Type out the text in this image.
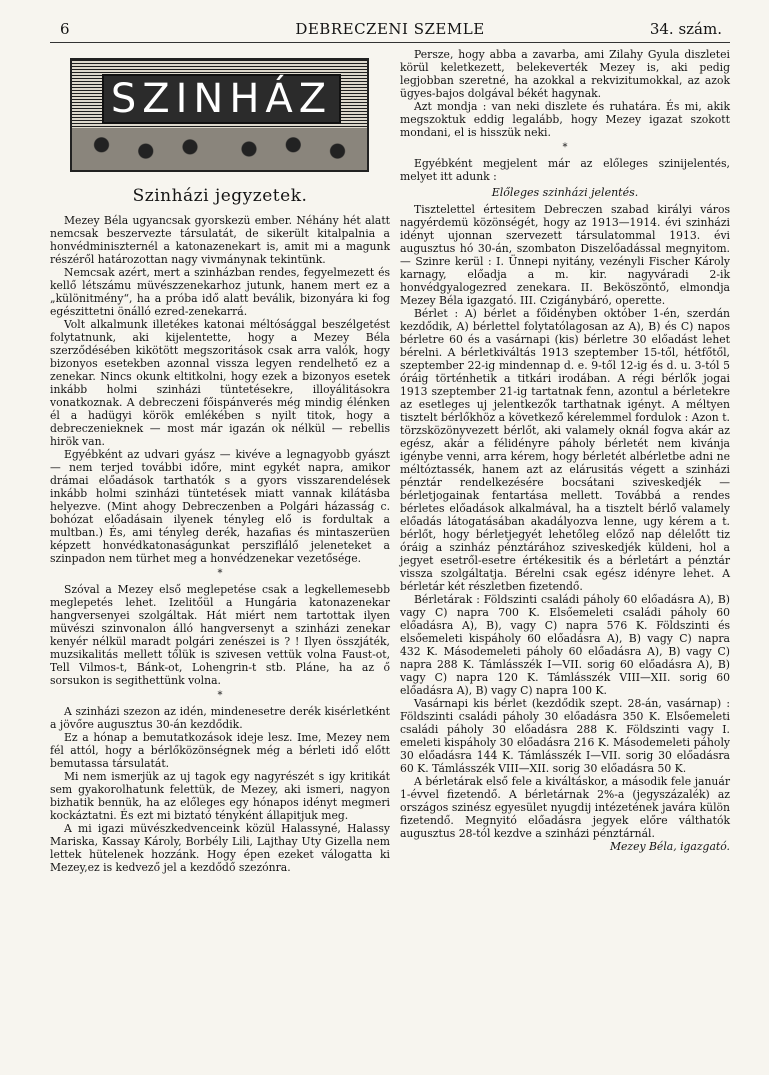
6	DEBRECZENI SZEMLE	34. szám.
SZINHÁZ
Szinházi jegyzetek.

Mezey Béla ugyancsak gyorskezü ember. Néhány hét alatt nemcsak beszervezte társulatát, de sikerült kitalpalnia a honvédminiszternél a katonazenekart is, amit mi a magunk részéről határozottan nagy vivmánynak tekintünk.

Nemcsak azért, mert a szinházban rendes, fegyelmezett és kellő létszámu müvészzenekarhoz jutunk, hanem mert ez a „különitmény“, ha a próba idő alatt beválik, bizonyára ki fog egészittetni önálló ezred-zenekarrá.

Volt alkalmunk illetékes katonai méltósággal beszélgetést folytatnunk, aki kijelentette, hogy a Mezey Béla szerződésében kikötött megszoritások csak arra valók, hogy bizonyos esetekben azonnal vissza legyen rendelhető ez a zenekar. Nincs okunk eltitkolni, hogy ezek a bizonyos esetek inkább holmi szinházi tüntetésekre, illoyálitásokra vonatkoznak. A debreczeni főispánverés még mindig élénken él a hadügyi körök emlékében s nyilt titok, hogy a debreczenieknek — most már igazán ok nélkül — rebellis hirök van.

Egyébként az udvari gyász — kivéve a legnagyobb gyászt — nem terjed további időre, mint egykét napra, amikor drámai előadások tarthatók s a gyors visszarendelések inkább holmi szinházi tüntetések miatt vannak kilátásba helyezve. (Mint ahogy Debreczenben a Polgári házasság c. bohózat előadásain ilyenek tényleg elő is fordultak a multban.) És, ami tényleg derék, hazafias és mintaszerüen képzett honvédkatonaságunkat persziflálő jeleneteket a szinpadon nem türhet meg a honvédzenekar vezetősége.

*

Szóval a Mezey első meglepetése csak a legkellemesebb meglepetés lehet. Izelitőül a Hungária katonazenekar hangversenyei szolgáltak. Hát miért nem tartottak ilyen müvészi szinvonalon álló hangversenyt a szinházi zenekar kenyér nélkül maradt polgári zenészei is ? ! Ilyen összjáték, muzsikalitás mellett tőlük is szivesen vettük volna Faust-ot, Tell Vilmos-t, Bánk-ot, Lohengrin-t stb. Pláne, ha az ő sorsukon is segithettünk volna.

*

A szinházi szezon az idén, mindenesetre derék kisérletként a jövőre augusztus 30-án kezdődik.

Ez a hónap a bemutatkozások ideje lesz. Ime, Mezey nem fél attól, hogy a bérlőközönségnek még a bérleti idő előtt bemutassa társulatát.

Mi nem ismerjük az uj tagok egy nagyrészét s igy kritikát sem gyakorolhatunk felettük, de Mezey, aki ismeri, nagyon bizhatik bennük, ha az előleges egy hónapos idényt megmeri kockáztatni. És ezt mi biztató tényként állapitjuk meg.

A mi igazi müvészkedvenceink közül Halassyné, Halassy Mariska, Kassay Károly, Borbély Lili, Lajthay Uty Gizella nem lettek hütelenek hozzánk. Hogy épen ezeket válogatta ki Mezey,ez is kedvező jel a kezdődő szezónra.

Persze, hogy abba a zavarba, ami Zilahy Gyula diszletei körül keletkezett, belekeverték Mezey is, aki pedig legjobban szeretné, ha azokkal a rekvizitumokkal, az azok ügyes-bajos dolgával békét hagynak.

Azt mondja : van neki diszlete és ruhatára. És mi, akik megszoktuk eddig legalább, hogy Mezey igazat szokott mondani, el is hisszük neki.

*

Egyébként megjelent már az előleges szinijelentés, melyet itt adunk :

Előleges szinházi jelentés.

Tisztelettel értesitem Debreczen szabad királyi város nagyérdemü közönségét, hogy az 1913—1914. évi szinházi idényt ujonnan szervezett társulatommal 1913. évi augusztus hó 30-án, szombaton Diszelőadással megnyitom. — Szinre kerül : I. Ünnepi nyitány, vezényli Fischer Károly karnagy, előadja a m. kir. nagyváradi 2-ik honvédgyalogezred zenekara. II. Beköszöntő, elmondja Mezey Béla igazgató. III. Czigánybáró, operette.

Bérlet : A) bérlet a főidényben október 1-én, szerdán kezdődik, A) bérlettel folytatólagosan az A), B) és C) napos bérletre 60 és a vasárnapi (kis) bérletre 30 előadást lehet bérelni. A bérletkiváltás 1913 szeptember 15-től, hétfőtől, szeptember 22-ig mindennap d. e. 9-től 12-ig és d. u. 3-tól 5 óráig történhetik a titkári irodában. A régi bérlők jogai 1913 szeptember 21-ig tartatnak fenn, azontul a bérletekre az esetleges uj jelentkezők tarthatnak igényt. A méltyen tisztelt bérlőkhöz a következő kérelemmel fordulok : Azon t. törzsközönyvezett bérlőt, aki valamely oknál fogva akár az egész, akár a félidényre páholy bérletét nem kivánja igénybe venni, arra kérem, hogy bérletét albérletbe adni ne méltóztassék, hanem azt az elárusitás végett a szinházi pénztár rendelkezésére bocsátani sziveskedjék — bérletjogainak fentartása mellett. Továbbá a rendes bérletes előadások alkalmával, ha a tisztelt bérlő valamely előadás látogatásában akadályozva lenne, ugy kérem a t. bérlőt, hogy bérletjegyét lehetőleg előző nap délelőtt tiz óráig a szinház pénztárához sziveskedjék küldeni, hol a jegyet esetről-esetre értékesitik és a bérletárt a pénztár vissza szolgáltatja. Bérelni csak egész idényre lehet. A bérletár két részletben fizetendő.

Bérletárak : Földszinti családi páholy 60 előadásra A), B) vagy C) napra 700 K. Elsőemeleti családi páholy 60 előadásra A), B), vagy C) napra 576 K. Földszinti és elsőemeleti kispáholy 60 előadásra A), B) vagy C) napra 432 K. Másodemeleti páholy 60 előadásra A), B) vagy C) napra 288 K. Támlásszék I—VII. sorig 60 előadásra A), B) vagy C) napra 120 K. Támlásszék VIII—XII. sorig 60 előadásra A), B) vagy C) napra 100 K.

Vasárnapi kis bérlet (kezdődik szept. 28-án, vasárnap) : Földszinti családi páholy 30 előadásra 350 K. Elsőemeleti családi páholy 30 előadásra 288 K. Földszinti vagy I. emeleti kispáholy 30 előadásra 216 K. Másodemeleti páholy 30 előadásra 144 K. Támlásszék I—VII. sorig 30 előadásra 60 K. Támlásszék VIII—XII. sorig 30 előadásra 50 K.

A bérletárak első fele a kiváltáskor, a második fele január 1-évvel fizetendő. A bérletárnak 2%-a (jegyszázalék) az országos szinész egyesület nyugdij intézetének javára külön fizetendő. Megnyitó előadásra jegyek előre válthatók augusztus 28-tól kezdve a szinházi pénztárnál.

Mezey Béla, igazgató.
